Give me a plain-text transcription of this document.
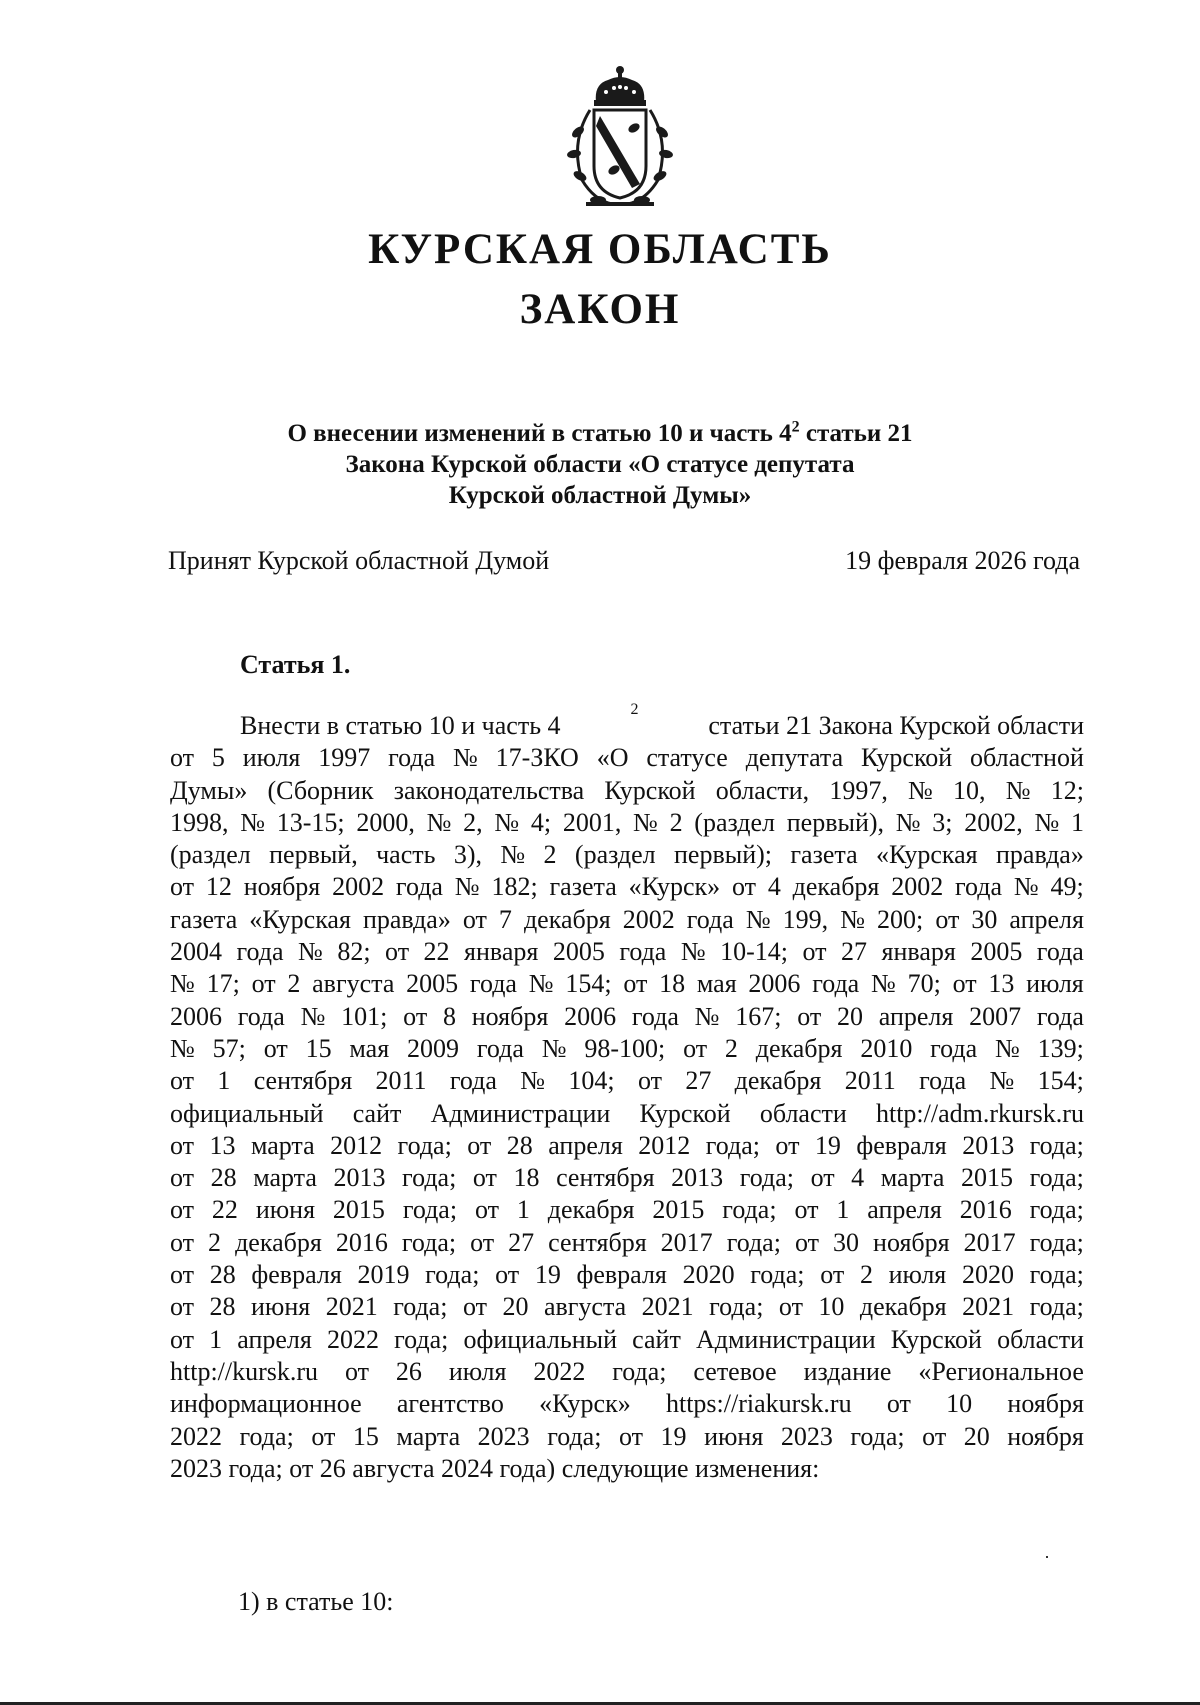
КУРСКАЯ ОБЛАСТЬ
ЗАКОН
О внесении изменений в статью 10 и часть $4^2$ статьи 21
Закона Курской области «О статусе депутата
Курской областной Думы»
Принят Курской областной Думой	19 февраля 2026 года
Статья 1.
Внести в статью 10 и часть 4
2
статьи 21 Закона Курской области
от 5 июля 1997 года № 17-ЗКО «О статусе депутата Курской областной
Думы» (Сборник законодательства Курской области, 1997, № 10, № 12;
1998, № 13-15; 2000, № 2, № 4; 2001, № 2 (раздел первый), № 3; 2002, № 1
(раздел первый, часть 3), № 2 (раздел первый); газета «Курская правда»
от 12 ноября 2002 года № 182; газета «Курск» от 4 декабря 2002 года № 49;
газета «Курская правда» от 7 декабря 2002 года № 199, № 200; от 30 апреля
2004 года № 82; от 22 января 2005 года № 10-14; от 27 января 2005 года
№ 17; от 2 августа 2005 года № 154; от 18 мая 2006 года № 70; от 13 июля
2006 года № 101; от 8 ноября 2006 года № 167; от 20 апреля 2007 года
№ 57; от 15 мая 2009 года № 98-100; от 2 декабря 2010 года № 139;
от 1 сентября 2011 года № 104; от 27 декабря 2011 года № 154;
официальный сайт Администрации Курской области http://adm.rkursk.ru
от 13 марта 2012 года; от 28 апреля 2012 года; от 19 февраля 2013 года;
от 28 марта 2013 года; от 18 сентября 2013 года; от 4 марта 2015 года;
от 22 июня 2015 года; от 1 декабря 2015 года; от 1 апреля 2016 года;
от 2 декабря 2016 года; от 27 сентября 2017 года; от 30 ноября 2017 года;
от 28 февраля 2019 года; от 19 февраля 2020 года; от 2 июля 2020 года;
от 28 июня 2021 года; от 20 августа 2021 года; от 10 декабря 2021 года;
от 1 апреля 2022 года; официальный сайт Администрации Курской области
http://kursk.ru от 26 июля 2022 года; сетевое издание «Региональное
информационное агентство «Курск» https://riakursk.ru от 10 ноября
2022 года; от 15 марта 2023 года; от 19 июня 2023 года; от 20 ноября
2023 года; от 26 августа 2024 года) следующие изменения:
1) в статье 10:
